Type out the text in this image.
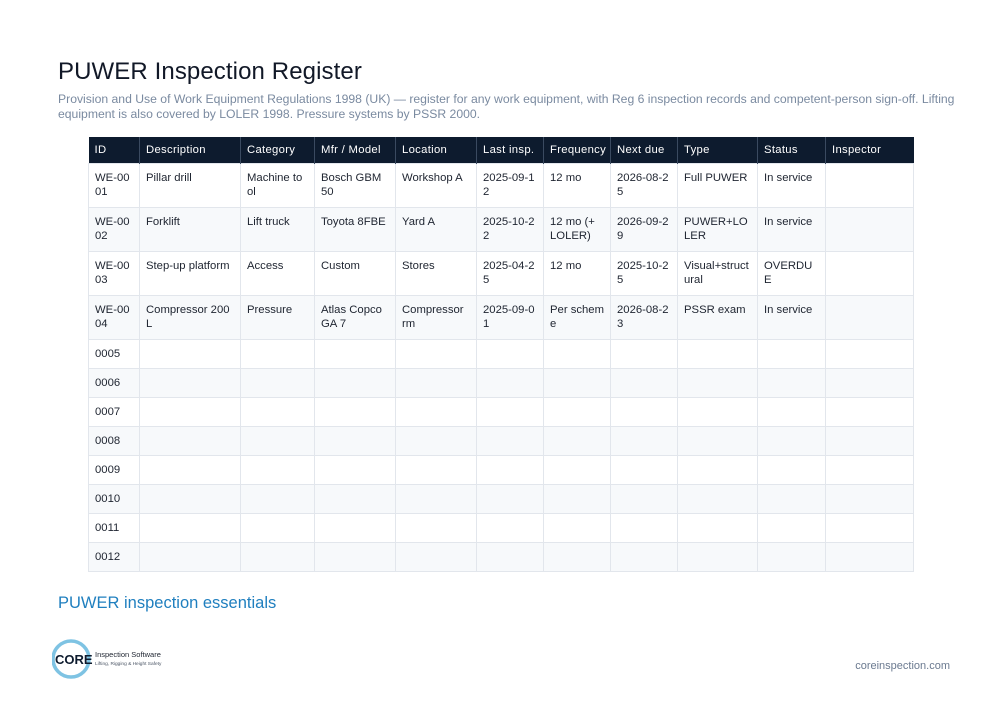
PUWER Inspection Register

Provision and Use of Work Equipment Regulations 1998 (UK) — register for any work equipment, with Reg 6 inspection records and competent-person sign-off. Lifting equipment is also covered by LOLER 1998. Pressure systems by PSSR 2000.

ID	Description	Category	Mfr / Model	Location	Last insp.	Frequency	Next due	Type	Status	Inspector
WE-0001	Pillar drill	Machine tool	Bosch GBM 50	Workshop A	2025-09-12	12 mo	2026-08-25	Full PUWER	In service	
WE-0002	Forklift	Lift truck	Toyota 8FBE	Yard A	2025-10-22	12 mo (+ LOLER)	2026-09-29	PUWER+LOLER	In service	
WE-0003	Step-up platform	Access	Custom	Stores	2025-04-25	12 mo	2025-10-25	Visual+structural	OVERDUE	
WE-0004	Compressor 200L	Pressure	Atlas Copco GA 7	Compressor rm	2025-09-01	Per scheme	2026-08-23	PSSR exam	In service	
0005										
0006										
0007										
0008										
0009										
0010										
0011										
0012										
PUWER inspection essentials
CORE Inspection Software
Lifting, Rigging & Height Safety	coreinspection.com
